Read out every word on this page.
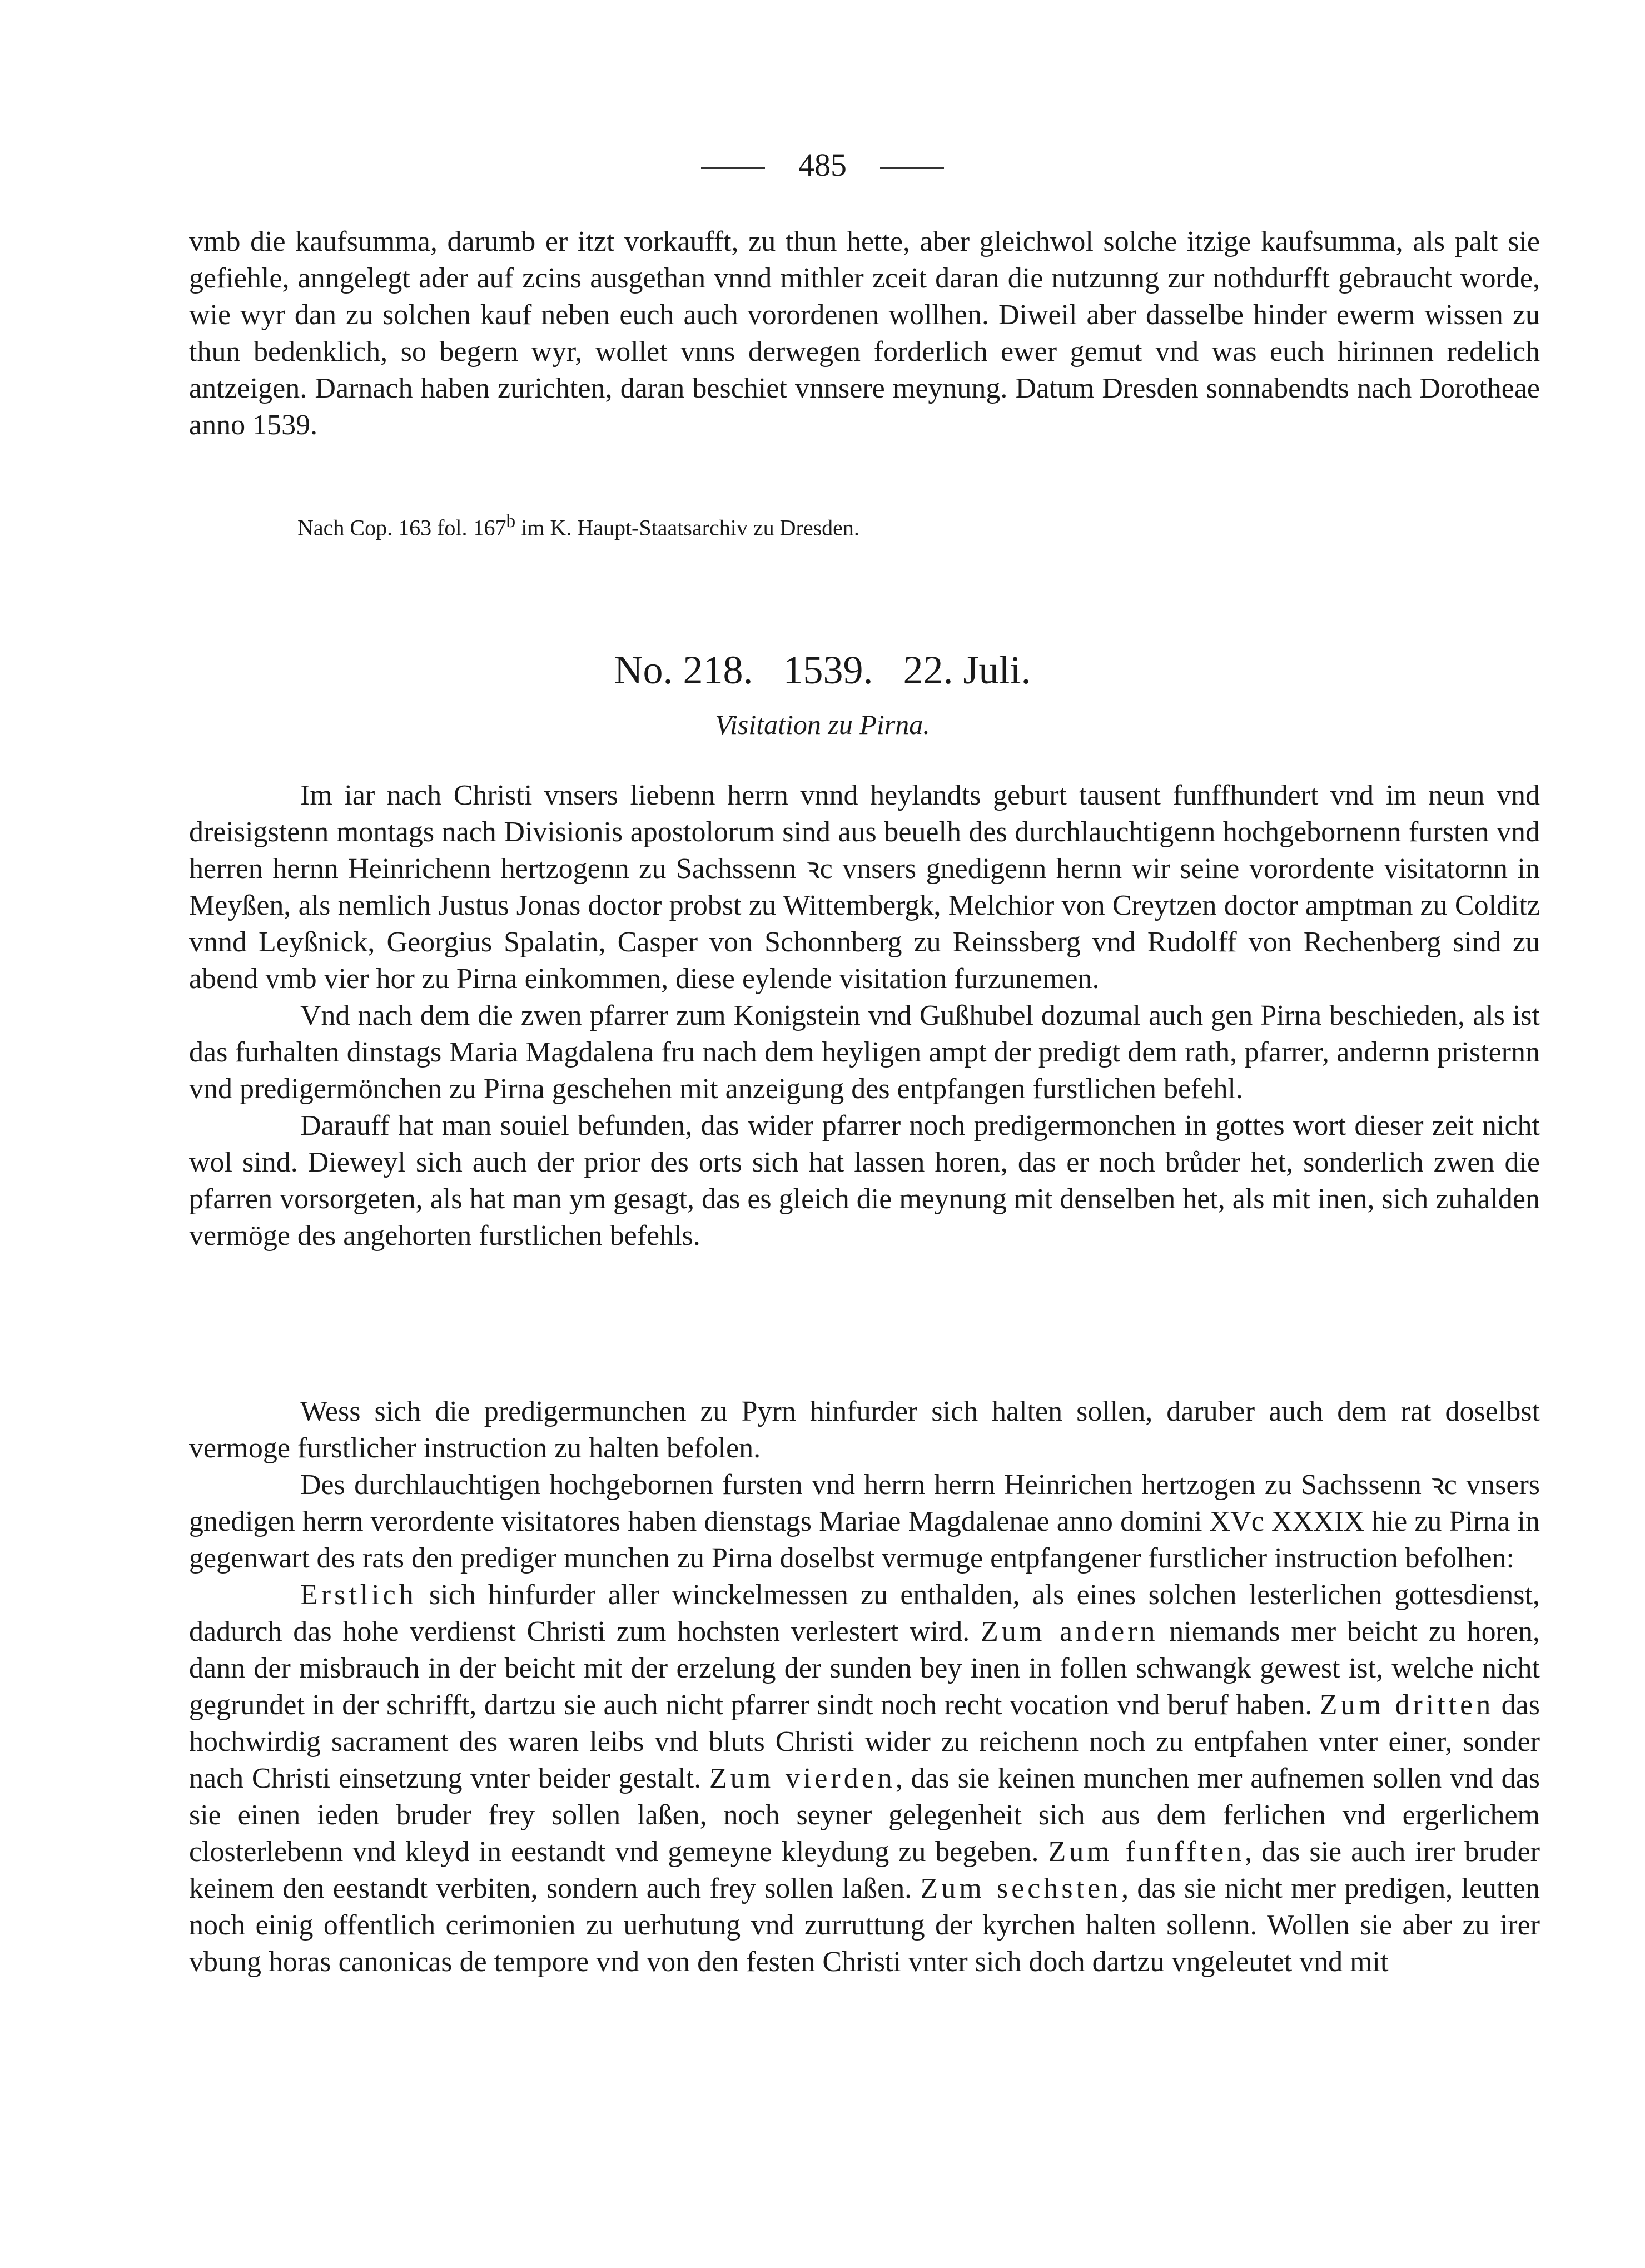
485

vmb die kaufsumma, darumb er itzt vorkaufft, zu thun hette, aber gleichwol solche itzige kaufsumma, als palt sie gefiehle, anngelegt ader auf zcins ausgethan vnnd mithler zceit daran die nutzunng zur nothdurfft gebraucht worde, wie wyr dan zu solchen kauf neben euch auch vorordenen wollhen. Diweil aber dasselbe hinder ewerm wissen zu thun bedenklich, so begern wyr, wollet vnns derwegen forderlich ewer gemut vnd was euch hirinnen redelich antzeigen. Darnach haben zurichten, daran beschiet vnnsere meynung. Datum Dresden sonnabendts nach Dorotheae anno 1539.

Nach Cop. 163 fol. 167$^b$ im K. Haupt-Staatsarchiv zu Dresden.
No. 218.   1539.   22. Juli.
Visitation zu Pirna.

Im iar nach Christi vnsers liebenn herrn vnnd heylandts geburt tausent funffhundert vnd im neun vnd dreisigstenn montags nach Divisionis apostolorum sind aus beuelh des durchlauchtigenn hochgebornenn fursten vnd herren hernn Heinrichenn hertzogenn zu Sachssenn ꝛc vnsers gnedigenn hernn wir seine vorordente visitatornn in Meyßen, als nemlich Justus Jonas doctor probst zu Wittembergk, Melchior von Creytzen doctor amptman zu Colditz vnnd Leyßnick, Georgius Spalatin, Casper von Schonnberg zu Reinssberg vnd Rudolff von Rechenberg sind zu abend vmb vier hor zu Pirna einkommen, diese eylende visitation furzunemen.

Vnd nach dem die zwen pfarrer zum Konigstein vnd Gußhubel dozumal auch gen Pirna beschieden, als ist das furhalten dinstags Maria Magdalena fru nach dem heyligen ampt der predigt dem rath, pfarrer, andernn pristernn vnd predigermönchen zu Pirna geschehen mit anzeigung des entpfangen furstlichen befehl.

Darauff hat man souiel befunden, das wider pfarrer noch predigermonchen in gottes wort dieser zeit nicht wol sind. Dieweyl sich auch der prior des orts sich hat lassen horen, das er noch brůder het, sonderlich zwen die pfarren vorsorgeten, als hat man ym gesagt, das es gleich die meynung mit denselben het, als mit inen, sich zuhalden vermöge des angehorten furstlichen befehls.

Wess sich die predigermunchen zu Pyrn hinfurder sich halten sollen, daruber auch dem rat doselbst vermoge furstlicher instruction zu halten befolen.

Des durchlauchtigen hochgebornen fursten vnd herrn herrn Heinrichen hertzogen zu Sachssenn ꝛc vnsers gnedigen herrn verordente visitatores haben dienstags Mariae Magdalenae anno domini XVc XXXIX hie zu Pirna in gegenwart des rats den prediger munchen zu Pirna doselbst vermuge entpfangener furstlicher instruction befolhen:

Erstlich sich hinfurder aller winckelmessen zu enthalden, als eines solchen lesterlichen gottesdienst, dadurch das hohe verdienst Christi zum hochsten verlestert wird. Zum andern niemands mer beicht zu horen, dann der misbrauch in der beicht mit der erzelung der sunden bey inen in follen schwangk gewest ist, welche nicht gegrundet in der schrifft, dartzu sie auch nicht pfarrer sindt noch recht vocation vnd beruf haben. Zum dritten das hochwirdig sacrament des waren leibs vnd bluts Christi wider zu reichenn noch zu entpfahen vnter einer, sonder nach Christi einsetzung vnter beider gestalt. Zum vierden, das sie keinen munchen mer aufnemen sollen vnd das sie einen ieden bruder frey sollen laßen, noch seyner gelegenheit sich aus dem ferlichen vnd ergerlichem closterlebenn vnd kleyd in eestandt vnd gemeyne kleydung zu begeben. Zum funfften, das sie auch irer bruder keinem den eestandt verbiten, sondern auch frey sollen laßen. Zum sechsten, das sie nicht mer predigen, leutten noch einig offentlich cerimonien zu uerhutung vnd zurruttung der kyrchen halten sollenn. Wollen sie aber zu irer vbung horas canonicas de tempore vnd von den festen Christi vnter sich doch dartzu vngeleutet vnd mit
